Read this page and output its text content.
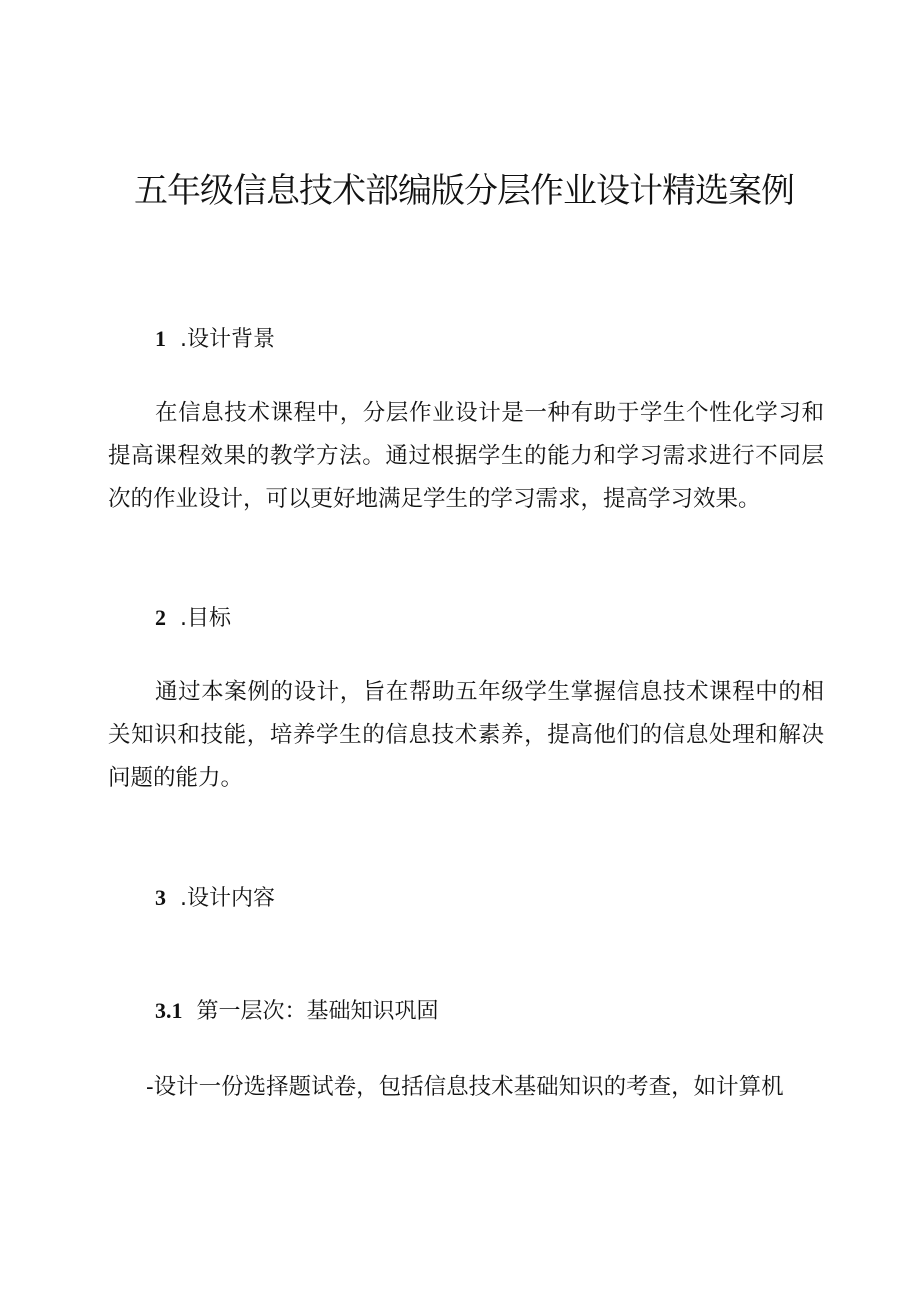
五年级信息技术部编版分层作业设计精选案例
1 .设计背景

在信息技术课程中，分层作业设计是一种有助于学生个性化学习和提高课程效果的教学方法。通过根据学生的能力和学习需求进行不同层次的作业设计，可以更好地满足学生的学习需求，提高学习效果。

2 .目标

通过本案例的设计，旨在帮助五年级学生掌握信息技术课程中的相关知识和技能，培养学生的信息技术素养，提高他们的信息处理和解决问题的能力。

3 .设计内容
3.1 第一层次：基础知识巩固

-设计一份选择题试卷，包括信息技术基础知识的考查，如计算机
